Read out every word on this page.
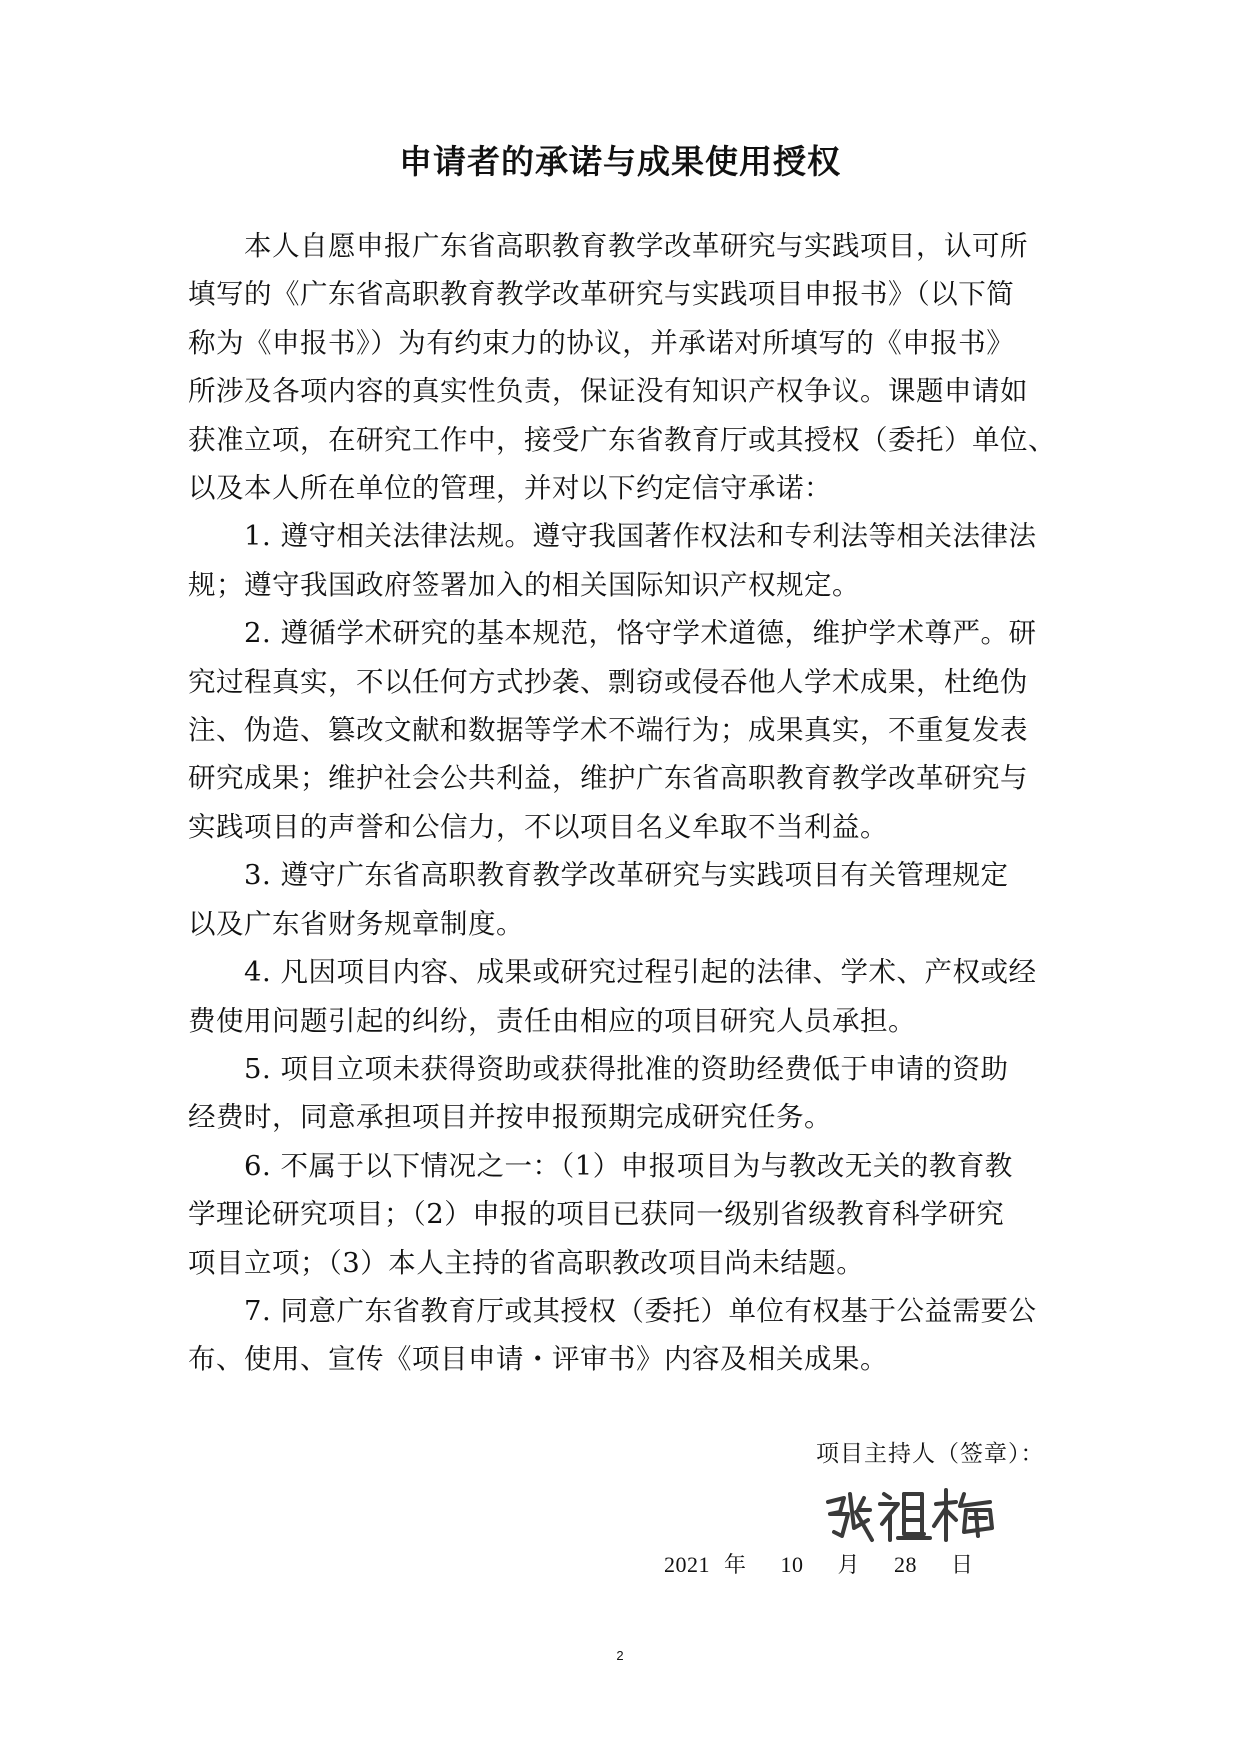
申请者的承诺与成果使用授权

本人自愿申报广东省高职教育教学改革研究与实践项目，认可所
填写的《广东省高职教育教学改革研究与实践项目申报书》（以下简
称为《申报书》）为有约束力的协议，并承诺对所填写的《申报书》
所涉及各项内容的真实性负责，保证没有知识产权争议。课题申请如
获准立项，在研究工作中，接受广东省教育厅或其授权（委托）单位、
以及本人所在单位的管理，并对以下约定信守承诺：

1. 遵守相关法律法规。遵守我国著作权法和专利法等相关法律法
规；遵守我国政府签署加入的相关国际知识产权规定。

2. 遵循学术研究的基本规范，恪守学术道德，维护学术尊严。研
究过程真实，不以任何方式抄袭、剽窃或侵吞他人学术成果，杜绝伪
注、伪造、篡改文献和数据等学术不端行为；成果真实，不重复发表
研究成果；维护社会公共利益，维护广东省高职教育教学改革研究与
实践项目的声誉和公信力，不以项目名义牟取不当利益。

3. 遵守广东省高职教育教学改革研究与实践项目有关管理规定
以及广东省财务规章制度。

4. 凡因项目内容、成果或研究过程引起的法律、学术、产权或经
费使用问题引起的纠纷，责任由相应的项目研究人员承担。

5. 项目立项未获得资助或获得批准的资助经费低于申请的资助
经费时，同意承担项目并按申报预期完成研究任务。

6. 不属于以下情况之一：（1）申报项目为与教改无关的教育教
学理论研究项目；（2）申报的项目已获同一级别省级教育科学研究
项目立项；（3）本人主持的省高职教改项目尚未结题。

7. 同意广东省教育厅或其授权（委托）单位有权基于公益需要公
布、使用、宣传《项目申请・评审书》内容及相关成果。

项目主持人（签章）：
2021 年 10 月 28 日
2
